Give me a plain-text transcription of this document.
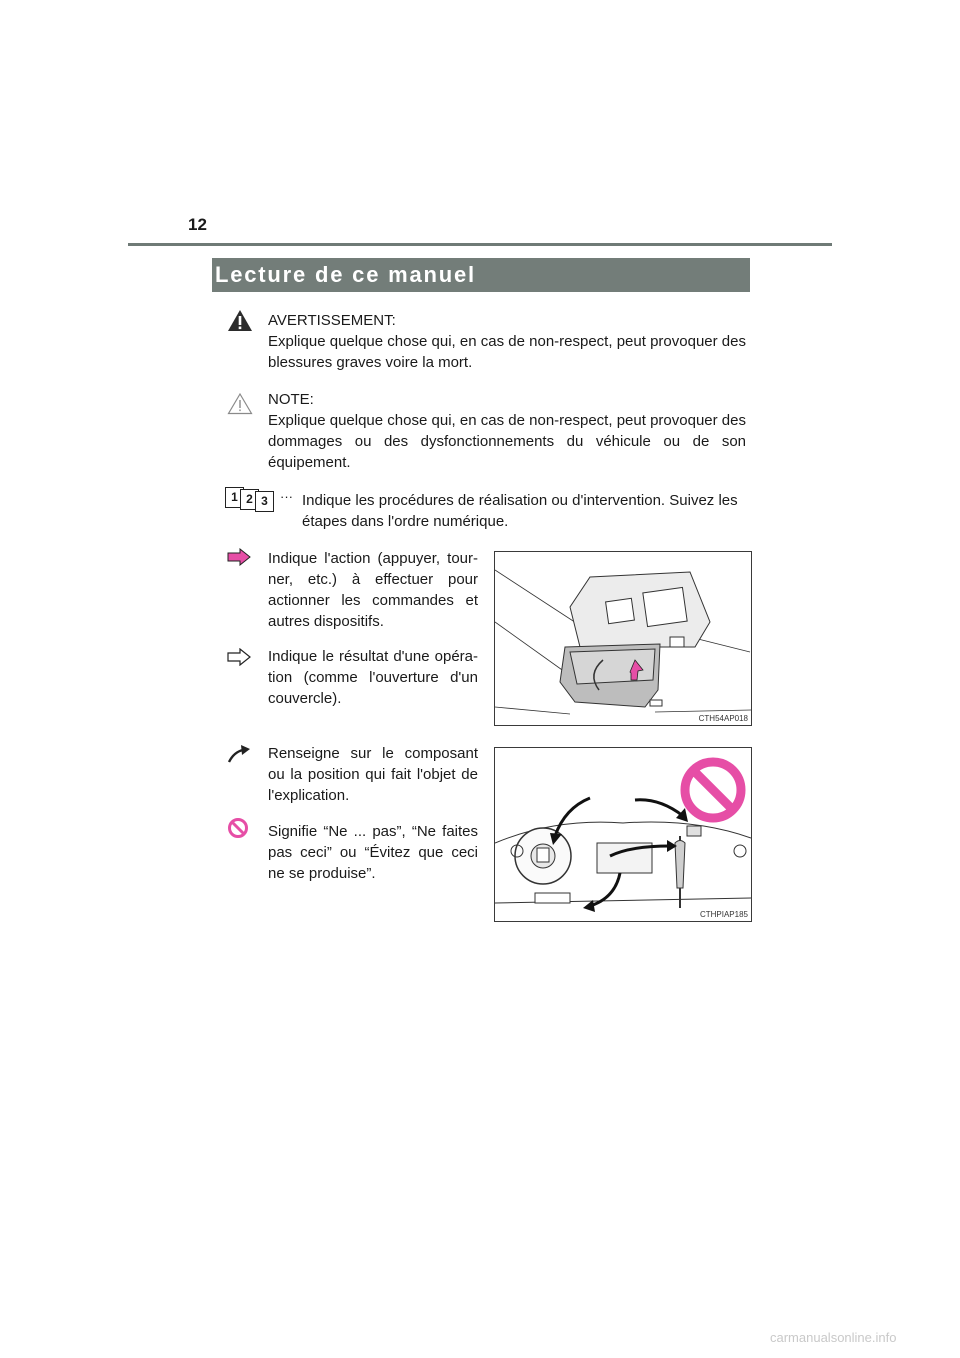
12
Lecture de ce manuel
AVERTISSEMENT:
Explique quelque chose qui, en cas de non-respect, peut provoquer des blessures graves voire la mort.
NOTE:
Explique quelque chose qui, en cas de non-respect, peut provoquer des dommages ou des dysfonctionnements du véhicule ou de son équipement.
1 2 3 ··· Indique les procédures de réalisation ou d'intervention. Suivez les étapes dans l'ordre numérique.
Indique l'action (appuyer, tour-ner, etc.) à effectuer pour actionner les commandes et autres dispositifs.
Indique le résultat d'une opéra-tion (comme l'ouverture d'un couvercle).
Renseigne sur le composant ou la position qui fait l'objet de l'explication.
Signifie “Ne ... pas”, “Ne faites pas ceci” ou “Évitez que ceci ne se produise”.
CTH54AP018
CTHPIAP185
carmanualsonline.info
